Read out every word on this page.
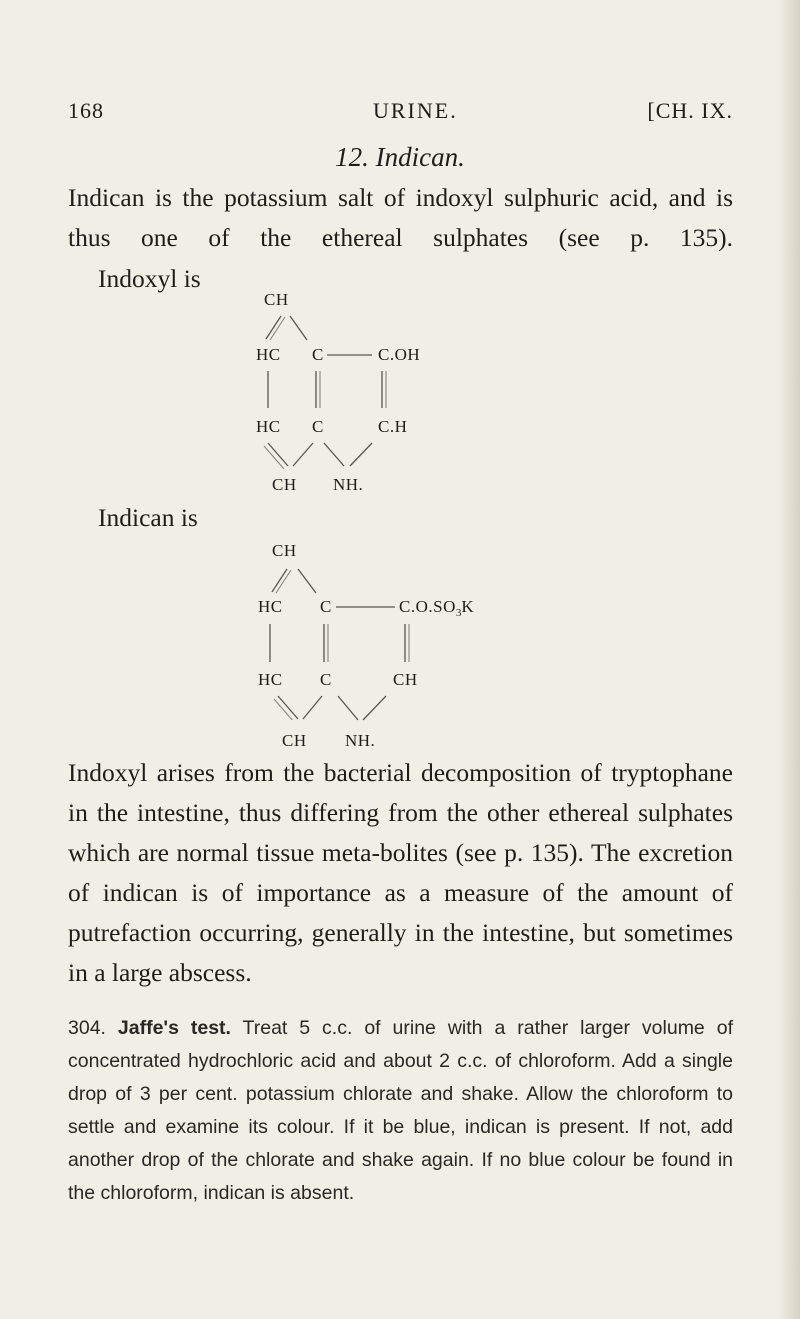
168	URINE.	[CH. IX.
12. Indican.
Indican is the potassium salt of indoxyl sulphuric acid, and is thus one of the ethereal sulphates (see p. 135).
Indoxyl is
CH
HC C	C.OH
HC C	C.H
CH NH.
Indican is
CH
HC C	$C.O.SO_3K$
HC C	CH
CH NH.
Indoxyl arises from the bacterial decomposition of tryptophane in the intestine, thus differing from the other ethereal sulphates which are normal tissue meta-bolites (see p. 135). The excretion of indican is of importance as a measure of the amount of putrefaction occurring, generally in the intestine, but sometimes in a large abscess.
304. Jaffe's test. Treat 5 c.c. of urine with a rather larger volume of concentrated hydrochloric acid and about 2 c.c. of chloroform. Add a single drop of 3 per cent. potassium chlorate and shake. Allow the chloroform to settle and examine its colour. If it be blue, indican is present. If not, add another drop of the chlorate and shake again. If no blue colour be found in the chloroform, indican is absent.
